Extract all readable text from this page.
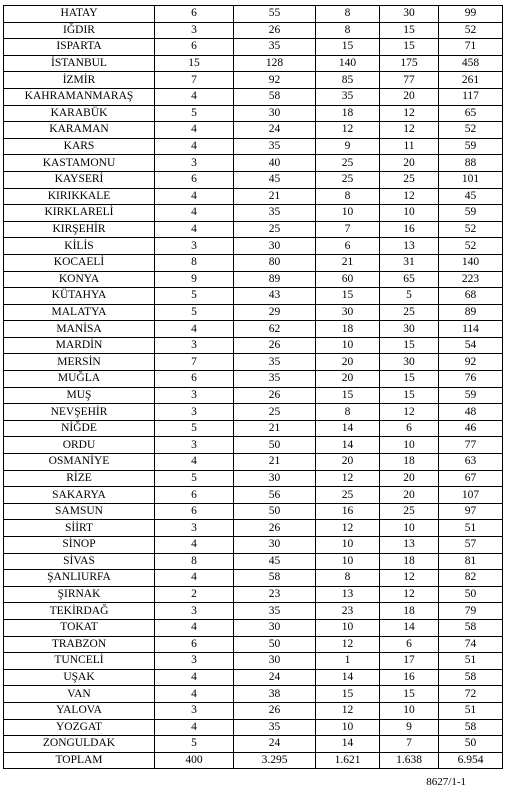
HATAY	6	55	8	30	99
IĞDIR	3	26	8	15	52
ISPARTA	6	35	15	15	71
İSTANBUL	15	128	140	175	458
İZMİR	7	92	85	77	261
KAHRAMANMARAŞ	4	58	35	20	117
KARABÜK	5	30	18	12	65
KARAMAN	4	24	12	12	52
KARS	4	35	9	11	59
KASTAMONU	3	40	25	20	88
KAYSERİ	6	45	25	25	101
KIRIKKALE	4	21	8	12	45
KIRKLARELİ	4	35	10	10	59
KIRŞEHİR	4	25	7	16	52
KİLİS	3	30	6	13	52
KOCAELİ	8	80	21	31	140
KONYA	9	89	60	65	223
KÜTAHYA	5	43	15	5	68
MALATYA	5	29	30	25	89
MANİSA	4	62	18	30	114
MARDİN	3	26	10	15	54
MERSİN	7	35	20	30	92
MUĞLA	6	35	20	15	76
MUŞ	3	26	15	15	59
NEVŞEHİR	3	25	8	12	48
NİĞDE	5	21	14	6	46
ORDU	3	50	14	10	77
OSMANİYE	4	21	20	18	63
RİZE	5	30	12	20	67
SAKARYA	6	56	25	20	107
SAMSUN	6	50	16	25	97
SİİRT	3	26	12	10	51
SİNOP	4	30	10	13	57
SİVAS	8	45	10	18	81
ŞANLIURFA	4	58	8	12	82
ŞIRNAK	2	23	13	12	50
TEKİRDAĞ	3	35	23	18	79
TOKAT	4	30	10	14	58
TRABZON	6	50	12	6	74
TUNCELİ	3	30	1	17	51
UŞAK	4	24	14	16	58
VAN	4	38	15	15	72
YALOVA	3	26	12	10	51
YOZGAT	4	35	10	9	58
ZONGULDAK	5	24	14	7	50
TOPLAM	400	3.295	1.621	1.638	6.954
8627/1-1
